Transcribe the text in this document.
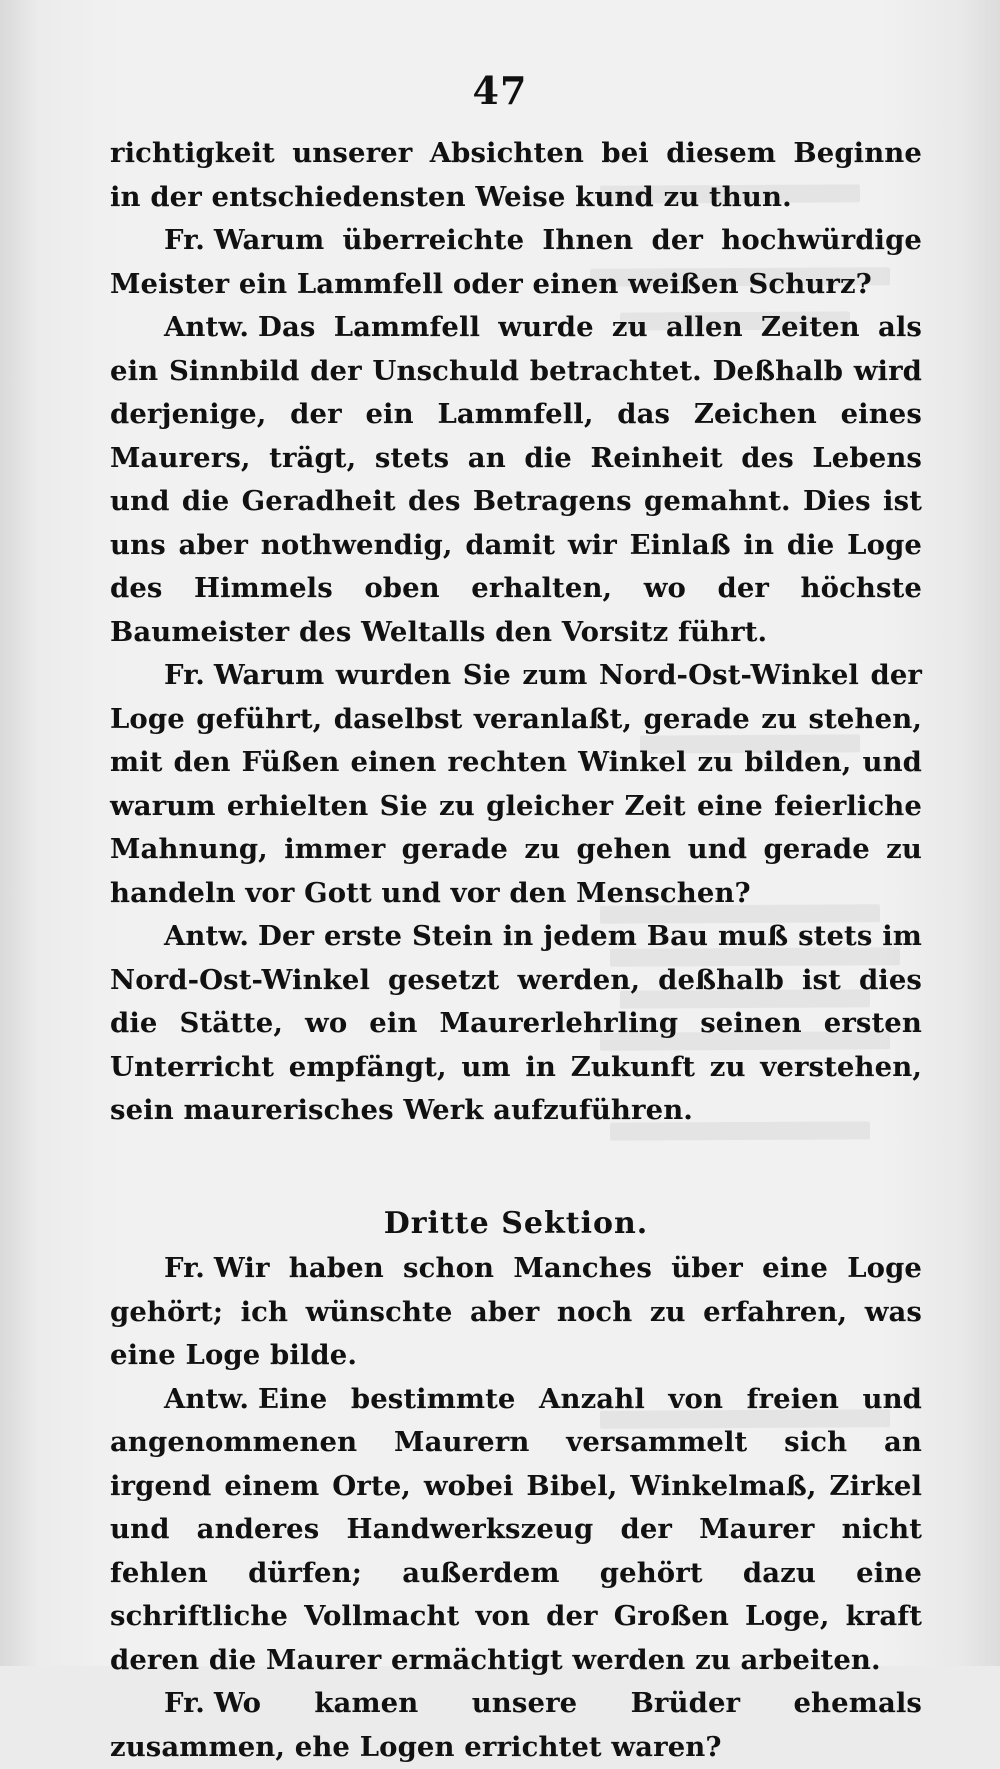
47

richtigkeit unserer Absichten bei diesem Beginne in der entschiedensten Weise kund zu thun.

Fr. Warum überreichte Ihnen der hochwürdige Meister ein Lammfell oder einen weißen Schurz?

Antw. Das Lammfell wurde zu allen Zeiten als ein Sinnbild der Unschuld betrachtet. Deßhalb wird derjenige, der ein Lammfell, das Zeichen eines Maurers, trägt, stets an die Reinheit des Lebens und die Geradheit des Betragens gemahnt. Dies ist uns aber nothwendig, damit wir Einlaß in die Loge des Himmels oben erhalten, wo der höchste Baumeister des Weltalls den Vorsitz führt.

Fr. Warum wurden Sie zum Nord-Ost-Winkel der Loge geführt, daselbst veranlaßt, gerade zu stehen, mit den Füßen einen rechten Winkel zu bilden, und warum erhielten Sie zu gleicher Zeit eine feierliche Mahnung, immer gerade zu gehen und gerade zu handeln vor Gott und vor den Menschen?

Antw. Der erste Stein in jedem Bau muß stets im Nord-Ost-Winkel gesetzt werden, deßhalb ist dies die Stätte, wo ein Maurerlehrling seinen ersten Unterricht empfängt, um in Zukunft zu verstehen, sein maurerisches Werk aufzuführen.

Dritte Sektion.

Fr. Wir haben schon Manches über eine Loge gehört; ich wünschte aber noch zu erfahren, was eine Loge bilde.

Antw. Eine bestimmte Anzahl von freien und angenommenen Maurern versammelt sich an irgend einem Orte, wobei Bibel, Winkelmaß, Zirkel und anderes Handwerkszeug der Maurer nicht fehlen dürfen; außerdem gehört dazu eine schriftliche Vollmacht von der Großen Loge, kraft deren die Maurer ermächtigt werden zu arbeiten.

Fr. Wo kamen unsere Brüder ehemals zusammen, ehe Logen errichtet waren?
